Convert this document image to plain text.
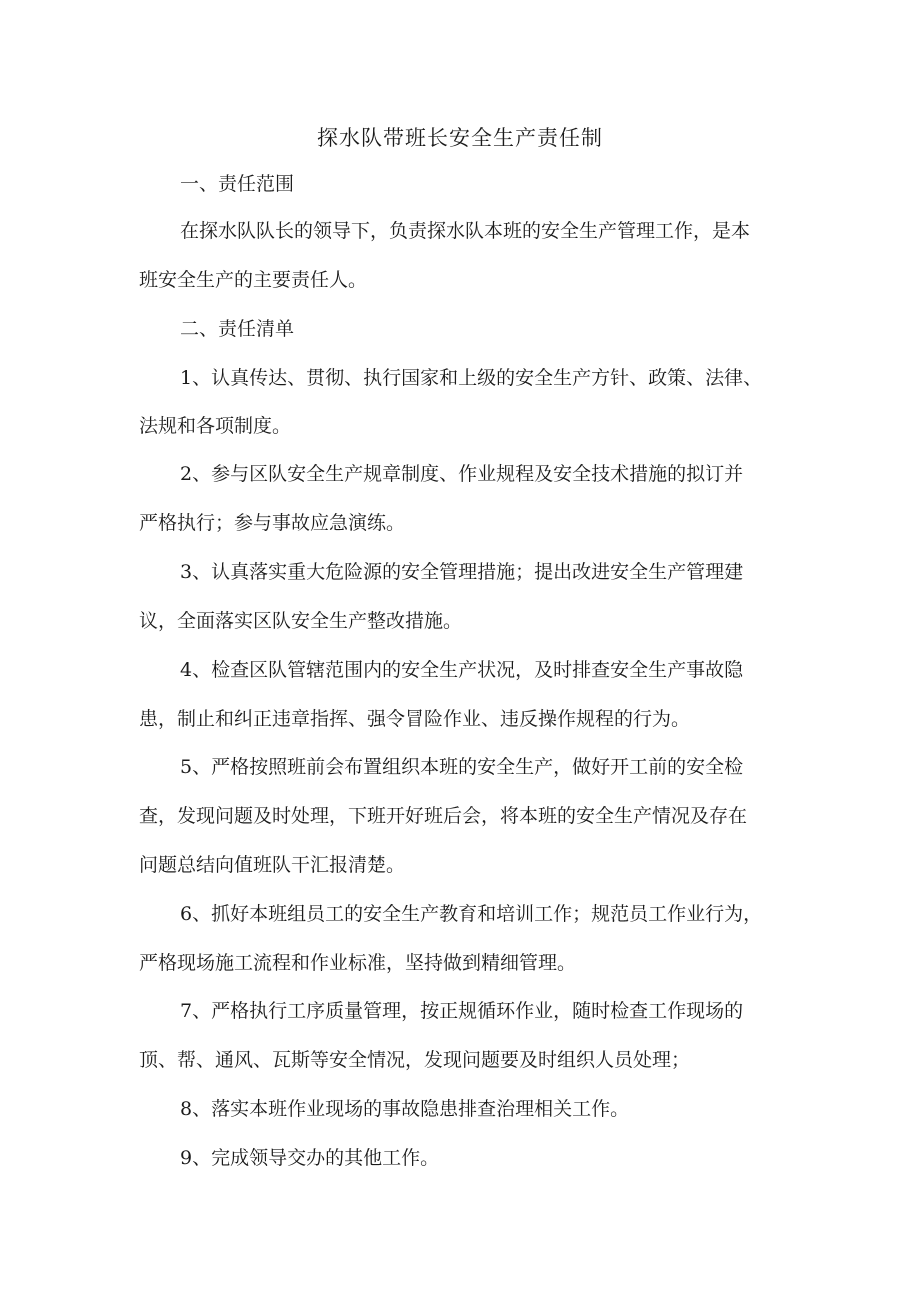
探水队带班长安全生产责任制
一、责任范围
在探水队队长的领导下，负责探水队本班的安全生产管理工作，是本
班安全生产的主要责任人。
二、责任清单
1、认真传达、贯彻、执行国家和上级的安全生产方针、政策、法律、
法规和各项制度。
2、参与区队安全生产规章制度、作业规程及安全技术措施的拟订并
严格执行；参与事故应急演练。
3、认真落实重大危险源的安全管理措施；提出改进安全生产管理建
议，全面落实区队安全生产整改措施。
4、检查区队管辖范围内的安全生产状况，及时排查安全生产事故隐
患，制止和纠正违章指挥、强令冒险作业、违反操作规程的行为。
5、严格按照班前会布置组织本班的安全生产，做好开工前的安全检
查，发现问题及时处理，下班开好班后会，将本班的安全生产情况及存在
问题总结向值班队干汇报清楚。
6、抓好本班组员工的安全生产教育和培训工作；规范员工作业行为，
严格现场施工流程和作业标准，坚持做到精细管理。
7、严格执行工序质量管理，按正规循环作业，随时检查工作现场的
顶、帮、通风、瓦斯等安全情况，发现问题要及时组织人员处理；
8、落实本班作业现场的事故隐患排查治理相关工作。
9、完成领导交办的其他工作。
